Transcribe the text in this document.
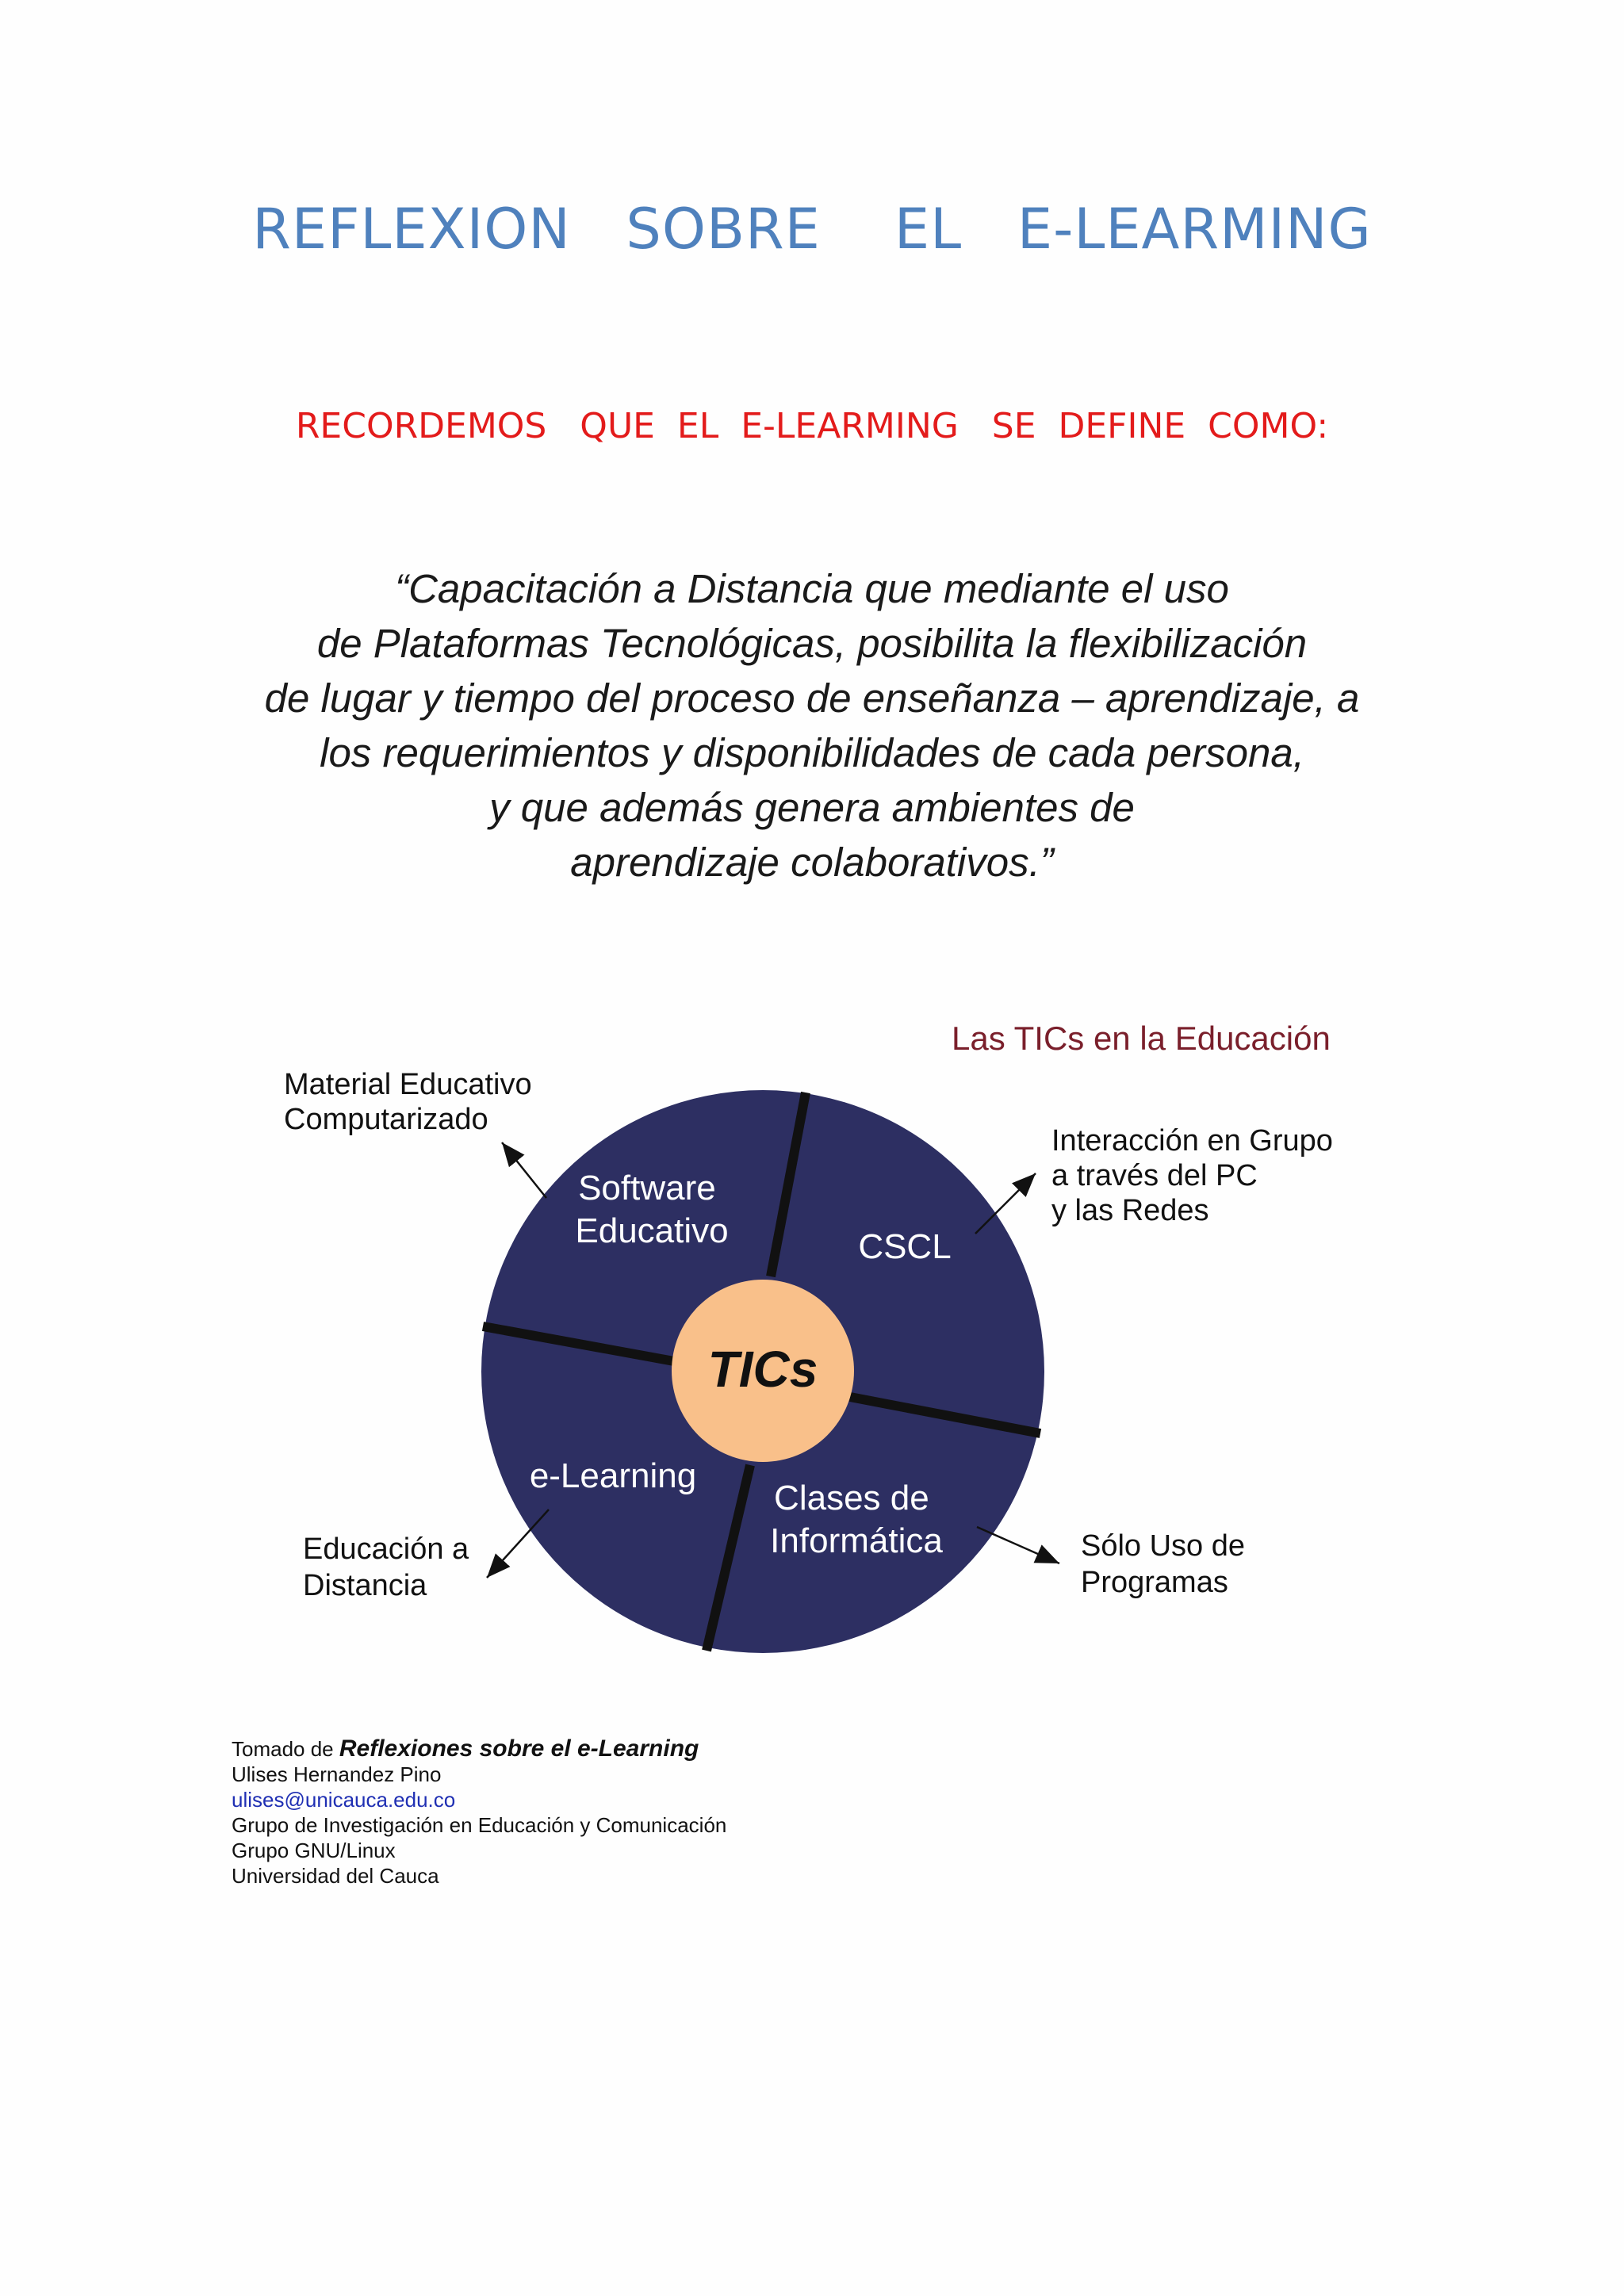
REFLEXION   SOBRE    EL   E-LEARMING
RECORDEMOS   QUE  EL  E-LEARMING   SE  DEFINE  COMO:
“Capacitación a Distancia que mediante el uso
de Plataformas Tecnológicas, posibilita la flexibilización
de lugar y tiempo del proceso de enseñanza – aprendizaje, a
los requerimientos y disponibilidades de cada persona,
y que además genera ambientes de
aprendizaje colaborativos.”
Las TICs en la Educación
TICs
Software Educativo	CSCL
e-Learning
Clases de Informática
Material Educativo Computarizado
Interacción en Grupo a través del PC y las Redes
Educación a Distancia
Sólo Uso de Programas
Tomado de Reflexiones sobre el e-Learning
Ulises Hernandez Pino
ulises@unicauca.edu.co
Grupo de Investigación en Educación y Comunicación
Grupo GNU/Linux
Universidad del Cauca
